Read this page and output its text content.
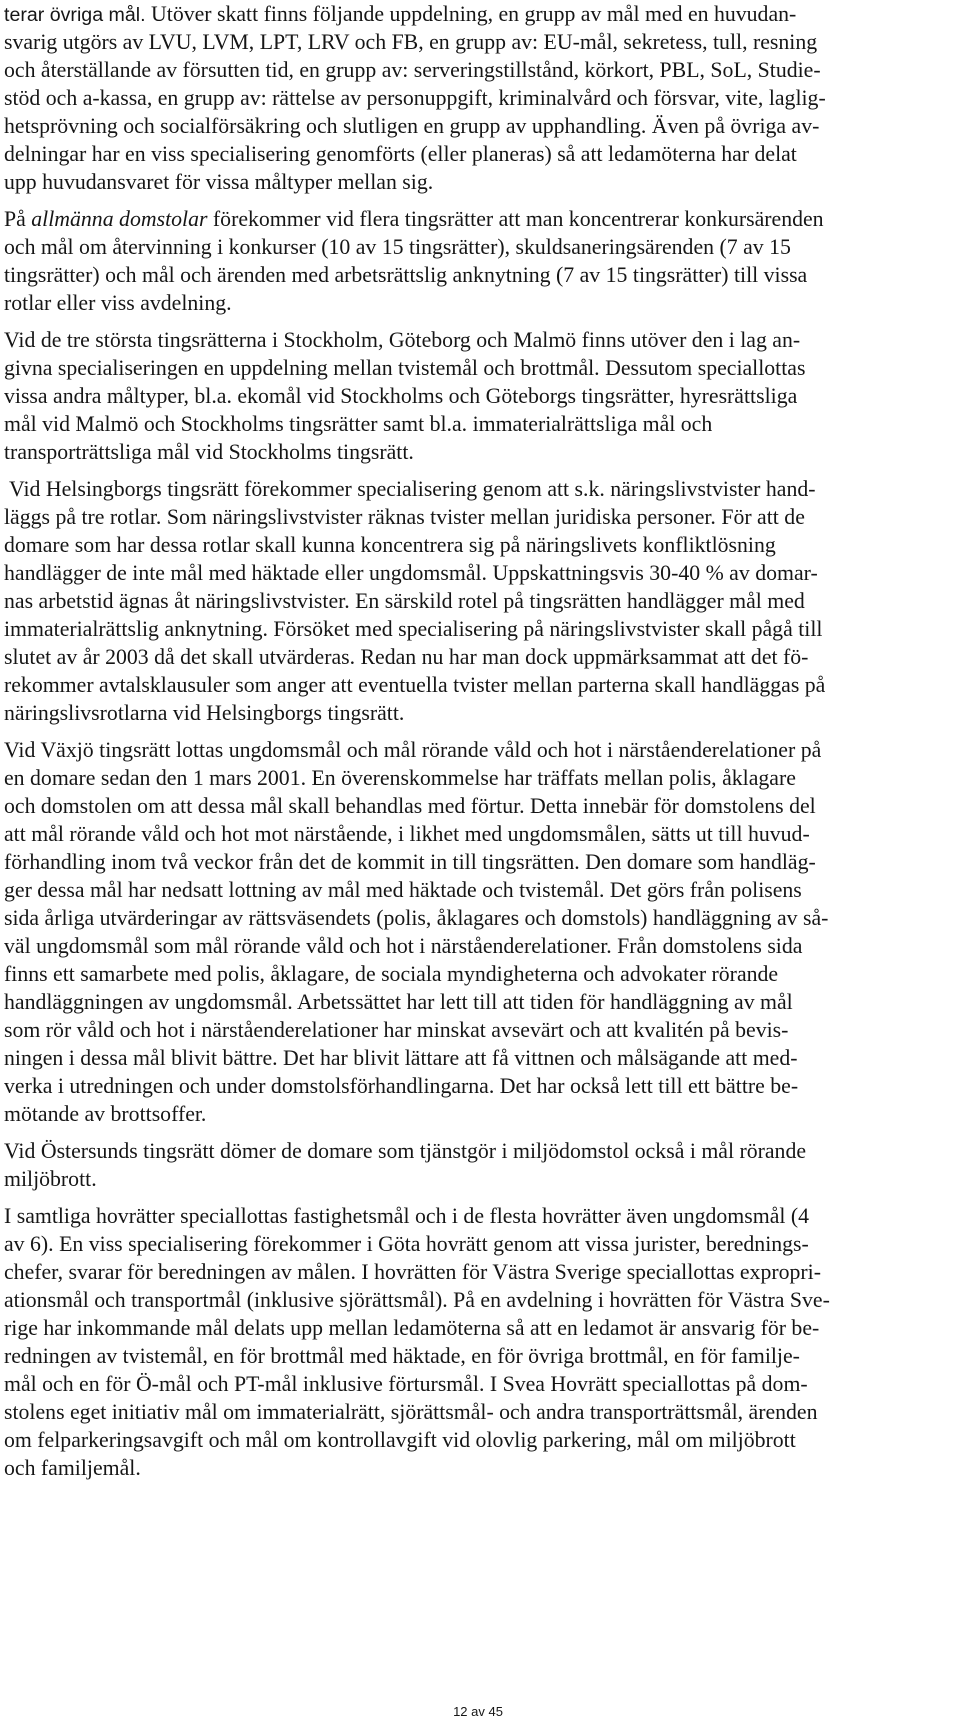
terar övriga mål. Utöver skatt finns följande uppdelning, en grupp av mål med en huvudan-
svarig utgörs av LVU, LVM, LPT, LRV och FB, en grupp av: EU-mål, sekretess, tull, resning
och återställande av försutten tid, en grupp av: serveringstillstånd, körkort, PBL, SoL, Studie-
stöd och a-kassa, en grupp av: rättelse av personuppgift, kriminalvård och försvar, vite, laglig-
hetsprövning och socialförsäkring och slutligen en grupp av upphandling. Även på övriga av-
delningar har en viss specialisering genomförts (eller planeras) så att ledamöterna har delat
upp huvudansvaret för vissa måltyper mellan sig.
På allmänna domstolar förekommer vid flera tingsrätter att man koncentrerar konkursärenden
och mål om återvinning i konkurser (10 av 15 tingsrätter), skuldsaneringsärenden (7 av 15
tingsrätter) och mål och ärenden med arbetsrättslig anknytning (7 av 15 tingsrätter) till vissa
rotlar eller viss avdelning.
Vid de tre största tingsrätterna i Stockholm, Göteborg och Malmö finns utöver den i lag an-
givna specialiseringen en uppdelning mellan tvistemål och brottmål. Dessutom speciallottas
vissa andra måltyper, bl.a. ekomål vid Stockholms och Göteborgs tingsrätter, hyresrättsliga
mål vid Malmö och Stockholms tingsrätter samt bl.a. immaterialrättsliga mål och
transporträttsliga mål vid Stockholms tingsrätt.
Vid Helsingborgs tingsrätt förekommer specialisering genom att s.k. näringslivstvister hand-
läggs på tre rotlar. Som näringslivstvister räknas tvister mellan juridiska personer. För att de
domare som har dessa rotlar skall kunna koncentrera sig på näringslivets konfliktlösning
handlägger de inte mål med häktade eller ungdomsmål. Uppskattningsvis 30-40 % av domar-
nas arbetstid ägnas åt näringslivstvister. En särskild rotel på tingsrätten handlägger mål med
immaterialrättslig anknytning. Försöket med specialisering på näringslivstvister skall pågå till
slutet av år 2003 då det skall utvärderas. Redan nu har man dock uppmärksammat att det fö-
rekommer avtalsklausuler som anger att eventuella tvister mellan parterna skall handläggas på
näringslivsrotlarna vid Helsingborgs tingsrätt.
Vid Växjö tingsrätt lottas ungdomsmål och mål rörande våld och hot i närståenderelationer på
en domare sedan den 1 mars 2001. En överenskommelse har träffats mellan polis, åklagare
och domstolen om att dessa mål skall behandlas med förtur. Detta innebär för domstolens del
att mål rörande våld och hot mot närstående, i likhet med ungdomsmålen, sätts ut till huvud-
förhandling inom två veckor från det de kommit in till tingsrätten. Den domare som handläg-
ger dessa mål har nedsatt lottning av mål med häktade och tvistemål. Det görs från polisens
sida årliga utvärderingar av rättsväsendets (polis, åklagares och domstols) handläggning av så-
väl ungdomsmål som mål rörande våld och hot i närståenderelationer. Från domstolens sida
finns ett samarbete med polis, åklagare, de sociala myndigheterna och advokater rörande
handläggningen av ungdomsmål. Arbetssättet har lett till att tiden för handläggning av mål
som rör våld och hot i närståenderelationer har minskat avsevärt och att kvalitén på bevis-
ningen i dessa mål blivit bättre. Det har blivit lättare att få vittnen och målsägande att med-
verka i utredningen och under domstolsförhandlingarna. Det har också lett till ett bättre be-
mötande av brottsoffer.
Vid Östersunds tingsrätt dömer de domare som tjänstgör i miljödomstol också i mål rörande
miljöbrott.
I samtliga hovrätter speciallottas fastighetsmål och i de flesta hovrätter även ungdomsmål (4
av 6). En viss specialisering förekommer i Göta hovrätt genom att vissa jurister, berednings-
chefer, svarar för beredningen av målen. I hovrätten för Västra Sverige speciallottas expropri-
ationsmål och transportmål (inklusive sjörättsmål). På en avdelning i hovrätten för Västra Sve-
rige har inkommande mål delats upp mellan ledamöterna så att en ledamot är ansvarig för be-
redningen av tvistemål, en för brottmål med häktade, en för övriga brottmål, en för familje-
mål och en för Ö-mål och PT-mål inklusive förtursmål. I Svea Hovrätt speciallottas på dom-
stolens eget initiativ mål om immaterialrätt, sjörättsmål- och andra transporträttsmål, ärenden
om felparkeringsavgift och mål om kontrollavgift vid olovlig parkering, mål om miljöbrott
och familjemål.
12 av 45
